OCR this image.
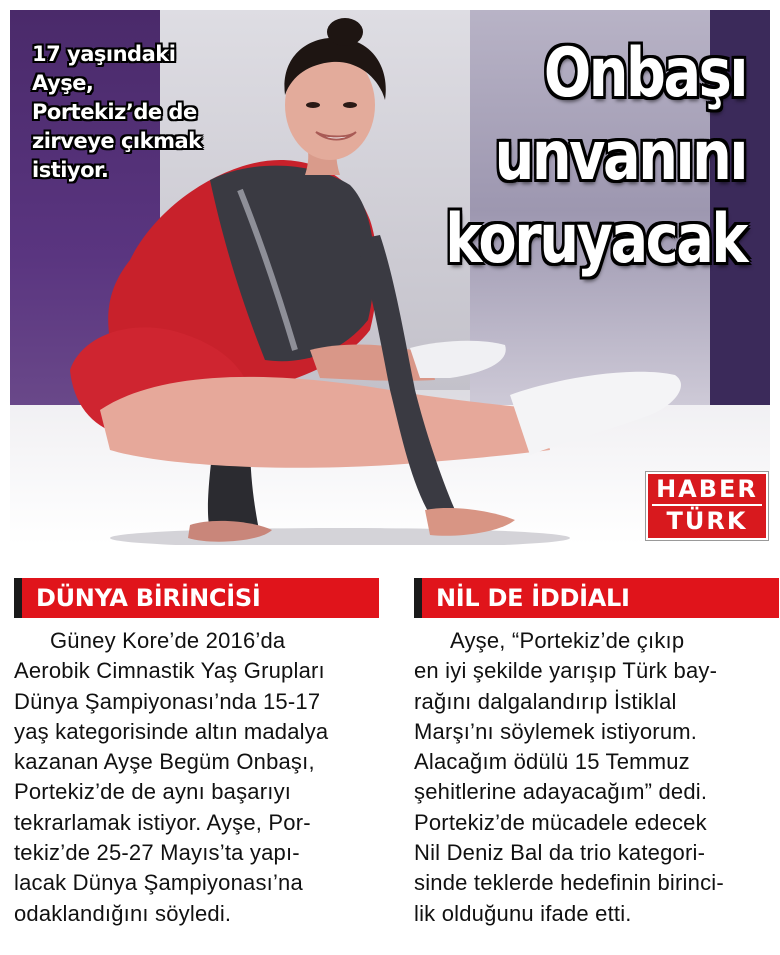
17 yaşındaki
Ayşe,
Portekiz’de de
zirveye çıkmak
istiyor.
Onbaşı
unvanını
koruyacak
HABER
TÜRK
DÜNYA BİRİNCİSİ
Güney Kore’de 2016’da
Aerobik Cimnastik Yaş Grupları
Dünya Şampiyonası’nda 15-17
yaş kategorisinde altın madalya
kazanan Ayşe Begüm Onbaşı,
Portekiz’de de aynı başarıyı
tekrarlamak istiyor. Ayşe, Por-
tekiz’de 25-27 Mayıs’ta yapı-
lacak Dünya Şampiyonası’na
odaklandığını söyledi.
NİL DE İDDİALI
Ayşe, “Portekiz’de çıkıp
en iyi şekilde yarışıp Türk bay-
rağını dalgalandırıp İstiklal
Marşı’nı söylemek istiyorum.
Alacağım ödülü 15 Temmuz
şehitlerine adayacağım” dedi.
Portekiz’de mücadele edecek
Nil Deniz Bal da trio kategori-
sinde teklerde hedefinin birinci-
lik olduğunu ifade etti.
